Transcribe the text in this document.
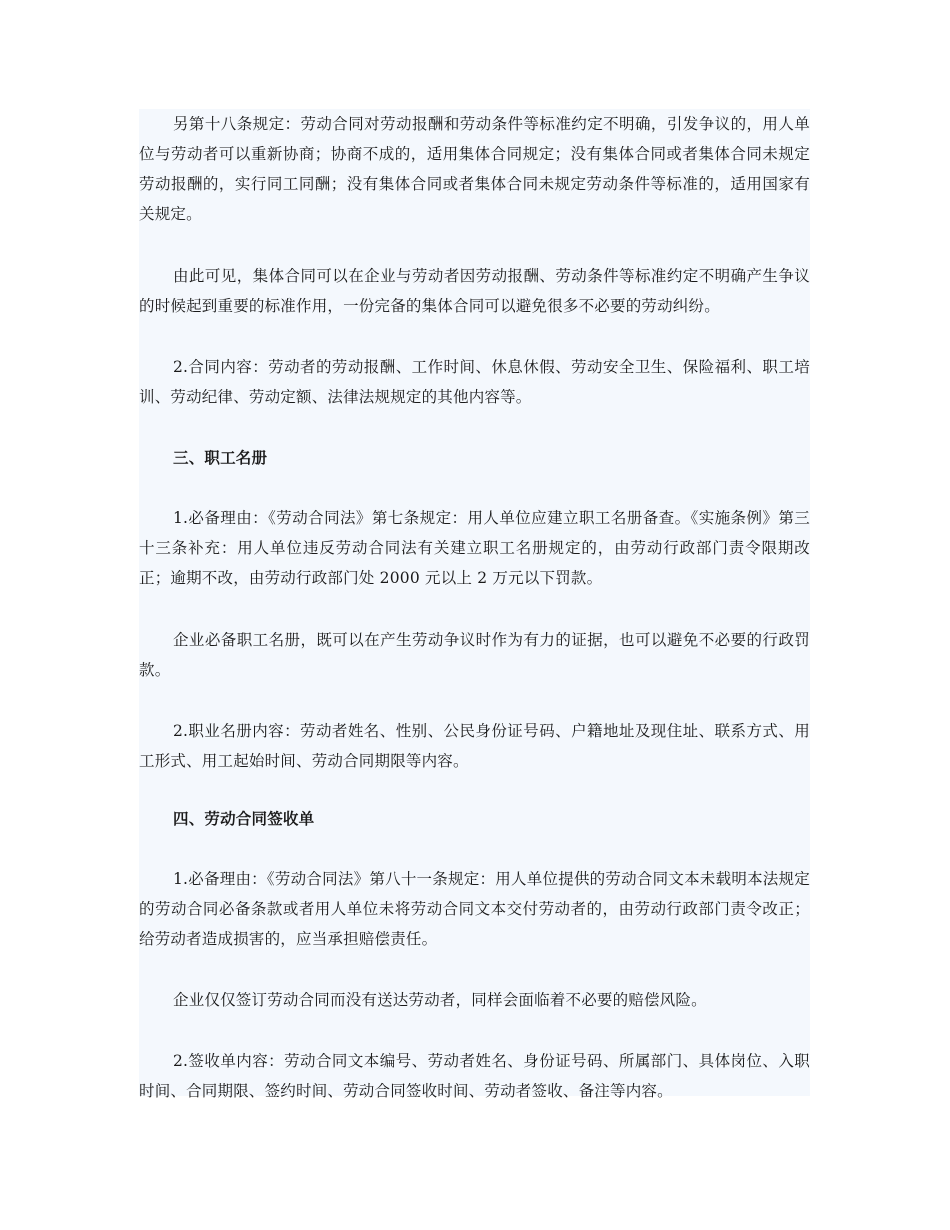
另第十八条规定：劳动合同对劳动报酬和劳动条件等标准约定不明确，引发争议的，用人单位与劳动者可以重新协商；协商不成的，适用集体合同规定；没有集体合同或者集体合同未规定劳动报酬的，实行同工同酬；没有集体合同或者集体合同未规定劳动条件等标准的，适用国家有关规定。

由此可见，集体合同可以在企业与劳动者因劳动报酬、劳动条件等标准约定不明确产生争议的时候起到重要的标准作用，一份完备的集体合同可以避免很多不必要的劳动纠纷。

2.合同内容：劳动者的劳动报酬、工作时间、休息休假、劳动安全卫生、保险福利、职工培训、劳动纪律、劳动定额、法律法规规定的其他内容等。

三、职工名册

1.必备理由：《劳动合同法》第七条规定：用人单位应建立职工名册备查。《实施条例》第三十三条补充：用人单位违反劳动合同法有关建立职工名册规定的，由劳动行政部门责令限期改正；逾期不改，由劳动行政部门处 2000 元以上 2 万元以下罚款。

企业必备职工名册，既可以在产生劳动争议时作为有力的证据，也可以避免不必要的行政罚款。

2.职业名册内容：劳动者姓名、性别、公民身份证号码、户籍地址及现住址、联系方式、用工形式、用工起始时间、劳动合同期限等内容。

四、劳动合同签收单

1.必备理由：《劳动合同法》第八十一条规定：用人单位提供的劳动合同文本未载明本法规定的劳动合同必备条款或者用人单位未将劳动合同文本交付劳动者的，由劳动行政部门责令改正；给劳动者造成损害的，应当承担赔偿责任。

企业仅仅签订劳动合同而没有送达劳动者，同样会面临着不必要的赔偿风险。

2.签收单内容：劳动合同文本编号、劳动者姓名、身份证号码、所属部门、具体岗位、入职时间、合同期限、签约时间、劳动合同签收时间、劳动者签收、备注等内容。
